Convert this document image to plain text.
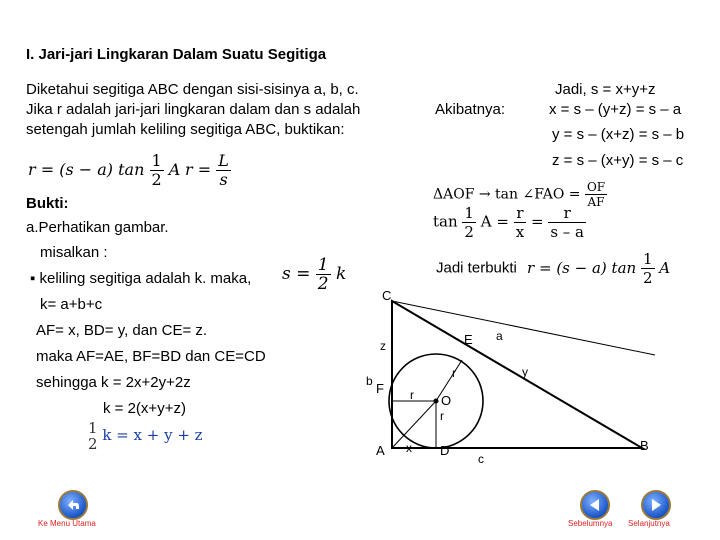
I. Jari-jari Lingkaran Dalam Suatu Segitiga
Diketahui segitiga ABC dengan sisi-sisinya a, b, c.
Jika r adalah jari-jari lingkaran dalam dan s adalah
setengah jumlah keliling segitiga ABC, buktikan:
r = (s − a) $\tan \frac{1}{2}$ A $r = \frac{L}{s}$
Bukti:
a.Perhatikan gambar.
misalkan :
▪ keliling segitiga adalah k. maka,
k= a+b+c
AF= x, BD= y, dan CE= z.
maka AF=AE, BF=BD dan CE=CD
sehingga k = 2x+2y+2z
k = 2(x+y+z)
$s = \frac{1}{2}$ k
1
2 k = x + y + z
Akibatnya:
Jadi, s = x+y+z
x = s – (y+z) = s – a
y = s – (x+z) = s – b
z = s – (x+y) = s – c
ΔAOF → tan ∠FAO = $\frac{OF}{AF}$
$\tan \frac{1}{2}$ $A = \frac{r}{x} = \frac{r}{s - a}$
Jadi terbukti r = (s − a) $\tan \frac{1}{2}$ A
C
A	B
D
E
F
O
a
b
c
x
y
z
r
r
r
Ke Menu Utama	Sebelumnya Selanjutnya
